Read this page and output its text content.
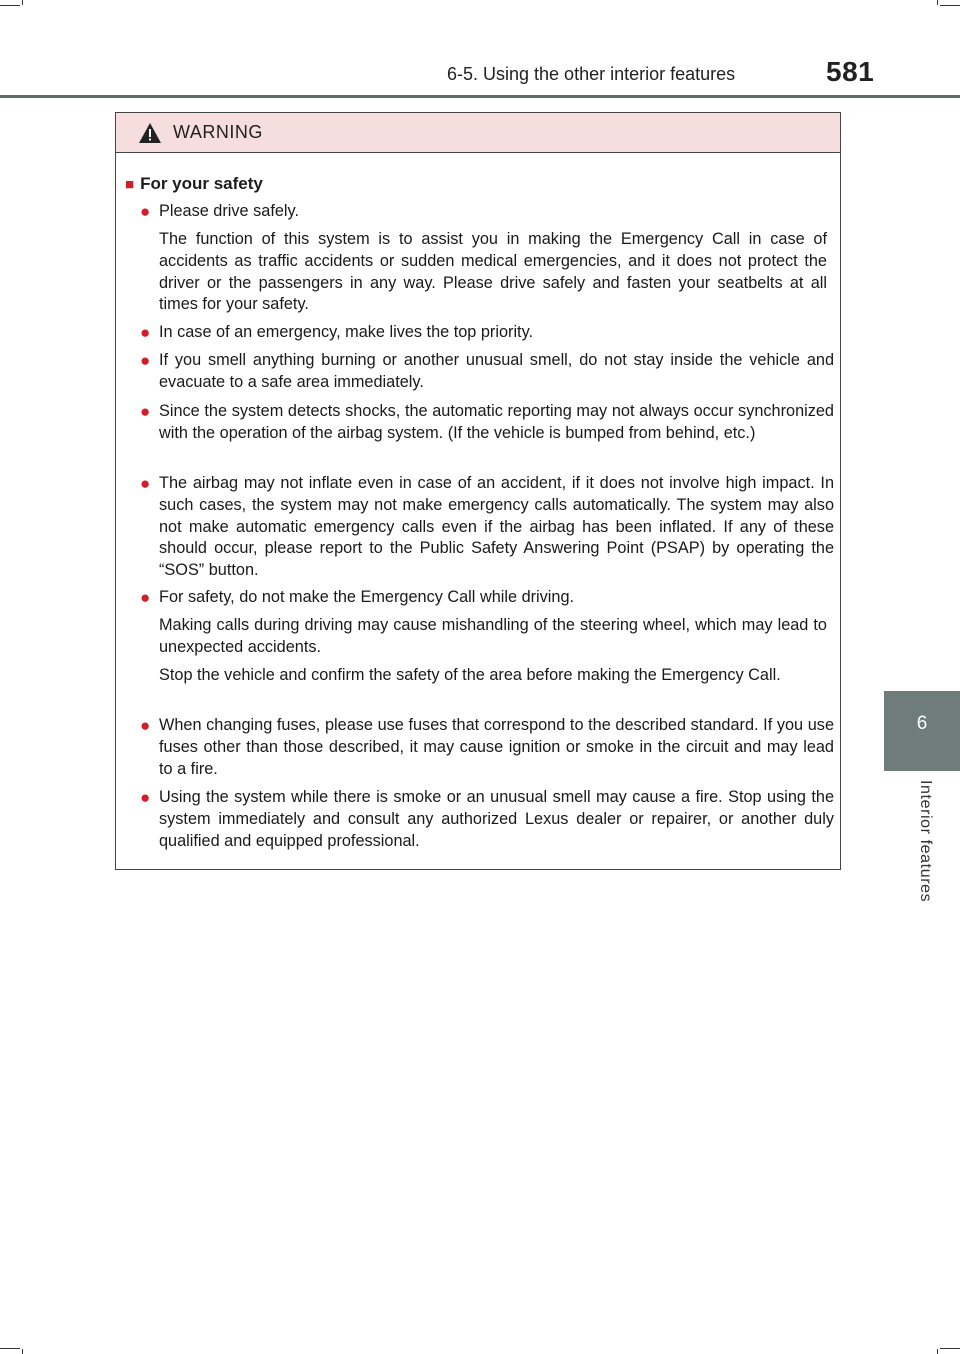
6-5. Using the other interior features	581
6
Interior features
WARNING
■ For your safety
● Please drive safely.
The function of this system is to assist you in making the Emergency Call in case of accidents as traffic accidents or sudden medical emergencies, and it does not protect the driver or the passengers in any way. Please drive safely and fasten your seatbelts at all times for your safety.
● In case of an emergency, make lives the top priority.
● If you smell anything burning or another unusual smell, do not stay inside the vehicle and evacuate to a safe area immediately.
● Since the system detects shocks, the automatic reporting may not always occur synchronized with the operation of the airbag system. (If the vehicle is bumped from behind, etc.)
● The airbag may not inflate even in case of an accident, if it does not involve high impact. In such cases, the system may not make emergency calls automatically. The system may also not make automatic emergency calls even if the airbag has been inflated. If any of these should occur, please report to the Public Safety Answering Point (PSAP) by operating the “SOS” button.
● For safety, do not make the Emergency Call while driving.
Making calls during driving may cause mishandling of the steering wheel, which may lead to unexpected accidents.
Stop the vehicle and confirm the safety of the area before making the Emergency Call.
● When changing fuses, please use fuses that correspond to the described standard. If you use fuses other than those described, it may cause ignition or smoke in the circuit and may lead to a fire.
● Using the system while there is smoke or an unusual smell may cause a fire. Stop using the system immediately and consult any authorized Lexus dealer or repairer, or another duly qualified and equipped professional.
